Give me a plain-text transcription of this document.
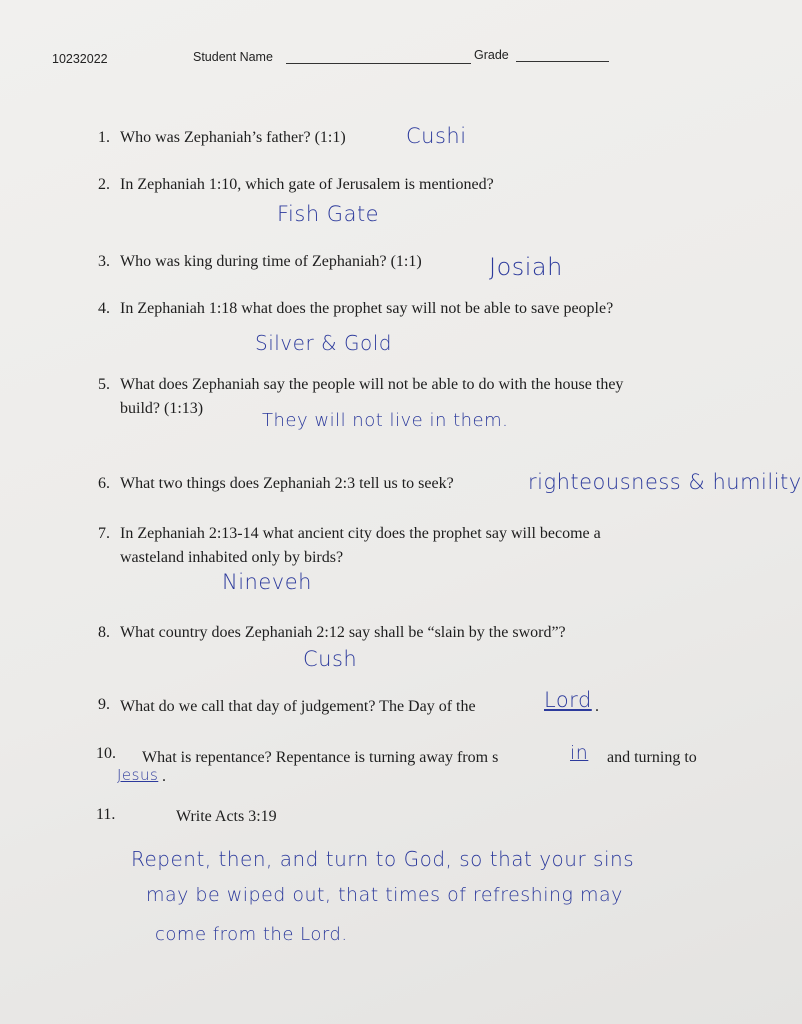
10232022	Student Name	Grade
1. Who was Zephaniah’s father? (1:1)	Cushi
2. In Zephaniah 1:10, which gate of Jerusalem is mentioned?
Fish Gate
3. Who was king during time of Zephaniah? (1:1)	Josiah
4. In Zephaniah 1:18 what does the prophet say will not be able to save people?
Silver & Gold
5. What does Zephaniah say the people will not be able to do with the house they
build? (1:13)
They will not live in them.
6. What two things does Zephaniah 2:3 tell us to seek?	righteousness & humility
7. In Zephaniah 2:13-14 what ancient city does the prophet say will become a
wasteland inhabited only by birds?
Nineveh
8. What country does Zephaniah 2:12 say shall be “slain by the sword”?
Cush
9. What do we call that day of judgement? The Day of the	Lord .
10. What is repentance? Repentance is turning away from s	in	and turning to
Jesus .
11.	Write Acts 3:19
Repent, then, and turn to God, so that your sins
may be wiped out, that times of refreshing may
come from the Lord.
